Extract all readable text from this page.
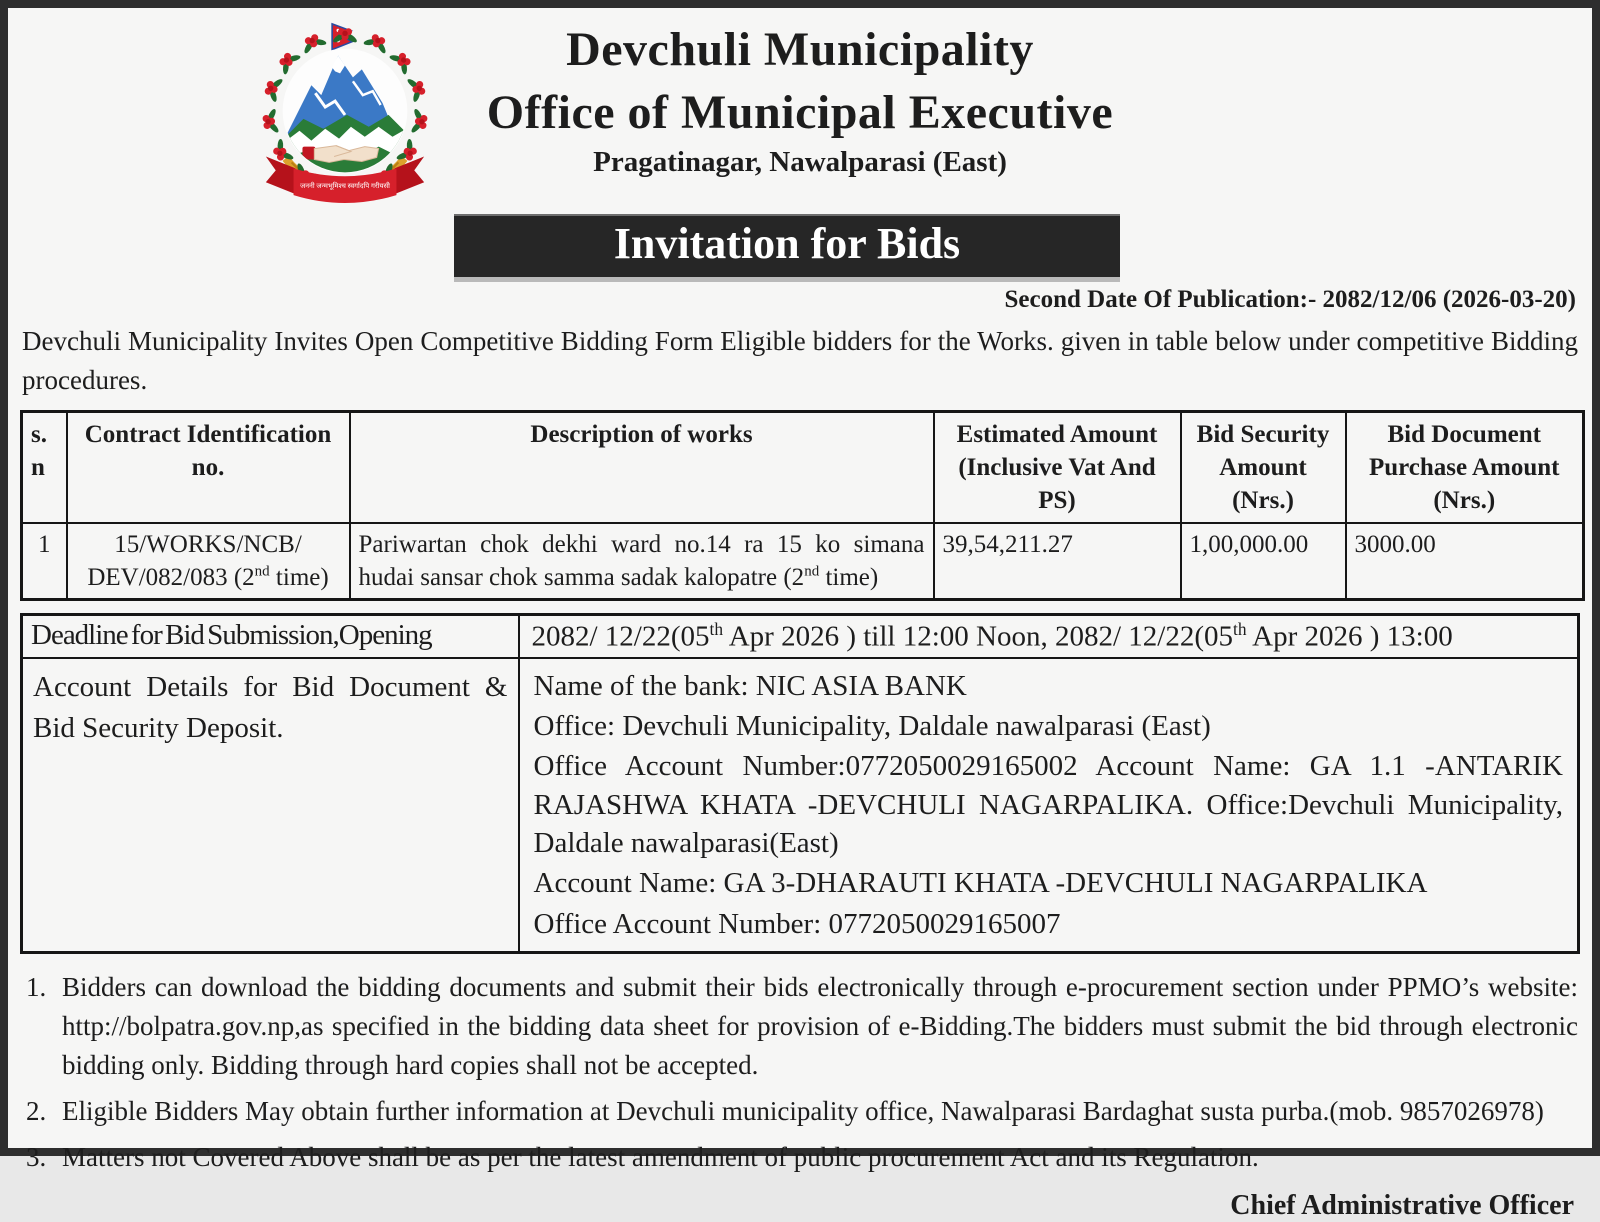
जननी जन्मभूमिश्च स्वर्गादपि गरीयसी
Devchuli Municipality
Office of Municipal Executive
Pragatinagar, Nawalparasi (East)
Invitation for Bids
Second Date Of Publication:- 2082/12/06 (2026-03-20)

Devchuli Municipality Invites Open Competitive Bidding Form Eligible bidders for the Works. given in table below under competitive Bidding procedures.

s. n	Contract Identification no.	Description of works	Estimated Amount (Inclusive Vat And PS)	Bid Security Amount (Nrs.)	Bid Document Purchase Amount (Nrs.)
1	15/WORKS/NCB/
DEV/082/083 (2nd time)	Pariwartan chok dekhi ward no.14 ra 15 ko simana hudai sansar chok samma sadak kalopatre (2nd time)	39,54,211.27	1,00,000.00	3000.00
Deadline for Bid Submission,Opening	2082/ 12/22(05th Apr 2026 ) till 12:00 Noon, 2082/ 12/22(05th Apr 2026 ) 13:00
Account Details for Bid Document & Bid Security Deposit.	Name of the bank: NIC ASIA BANK
Office: Devchuli Municipality, Daldale nawalparasi (East)
Office Account Number:0772050029165002 Account Name: GA 1.1 -ANTARIK RAJASHWA KHATA -DEVCHULI NAGARPALIKA. Office:Devchuli Municipality, Daldale nawalparasi(East)
Account Name: GA 3-DHARAUTI KHATA -DEVCHULI NAGARPALIKA
Office Account Number: 0772050029165007
1. Bidders can download the bidding documents and submit their bids electronically through e-procurement section under PPMO’s website: http://bolpatra.gov.np,as specified in the bidding data sheet for provision of e-Bidding.The bidders must submit the bid through electronic bidding only. Bidding through hard copies shall not be accepted.
2. Eligible Bidders May obtain further information at Devchuli municipality office, Nawalparasi Bardaghat susta purba.(mob. 9857026978)
3. Matters not Covered Above shall be as per the latest amendment of public procurement Act and its Regulation.
Chief Administrative Officer
